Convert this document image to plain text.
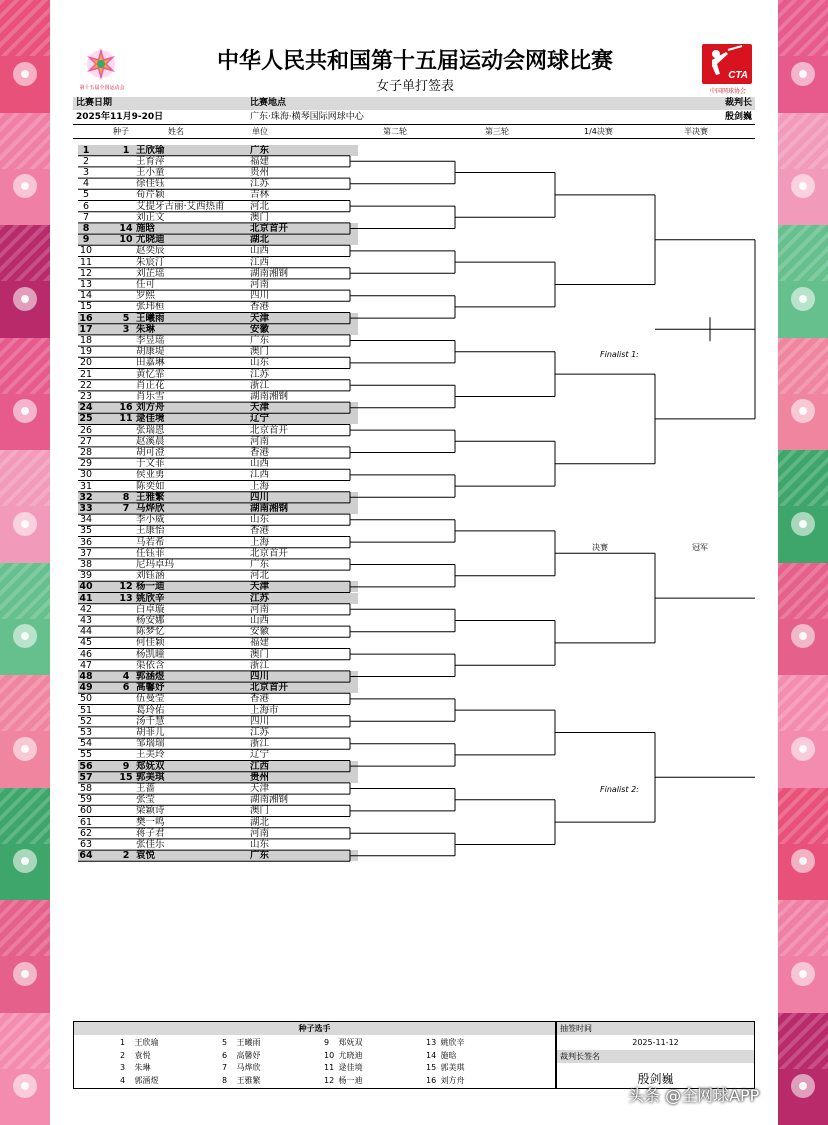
第十五届全国运动会
CTA
中国网球协会
中华人民共和国第十五届运动会网球比赛
女子单打签表
比赛日期	比赛地点	裁判长
2025年11月9-20日	广东·珠海·横琴国际网球中心	殷剑巍
种子	姓名	单位	第二轮	第三轮	1/4决赛	半决赛
1	1 王欣瑜	广东
2	王育萍	福建
3	王小童	贵州
4	徐佳钰	江苏
5	荀芹颖	吉林
6	艾提牙古丽·艾西热甫	河北
7	刘正文	澳门
8	14 施晗	北京首开
9	10 尤晓迪	湖北
10	赵奕辰	山西
11	朱宸汀	江西
12	刘芷瑶	湖南湘钢
13	任可	河南
14	罗熙	四川
15	张玮桓	香港
16	5 王曦雨	天津
17	3 朱琳	安徽
18	李昱瑶	广东
19	胡康堤	澳门
20	田嘉琳	山东
21	黄忆霏	江苏
22	肖正花	浙江
23	肖乐雪	湖南湘钢
24	16 刘方舟	天津
25	11 逯佳境	辽宁
26	张瑞恩	北京首开
27	赵溪晨	河南
28	胡可澄	香港
29	于文菲	山西
30	侯亚勇	江西
31	陈奕如	上海
32	8 王雅繁	四川
33	7 马烨欣	湖南湘钢
34	李小威	山东
35	王康怡	香港
36	马若希	上海
37	任钰菲	北京首开
38	尼玛卓玛	广东
39	刘钰涵	河北
40	12 杨一迪	天津
41	13 姚欣辛	江苏
42	白卓璇	河南
43	杨安娜	山西
44	陈梦忆	安徽
45	何佳颖	福建
46	杨凯曈	澳门
47	渠依含	浙江
48	4 郭涵煜	四川
49	6 高馨妤	北京首开
50	伍曼莹	香港
51	葛玲佑	上海市
52	汤千慧	四川
53	胡菲儿	江苏
54	邹瑞瑞	浙江
55	王美玲	辽宁
56	9 郑妩双	江西
57	15 郭美琪	贵州
58	王蔷	天津
59	张莹	湖南湘钢
60	梁颖诗	澳门
61	樊一鸣	湖北
62	蒋子君	河南
63	张佳乐	山东
64	2 袁悦	广东
Finalist 1:
Finalist 2:
决赛	冠军
种子选手
1 王欣瑜
2 袁悦
3 朱琳
4 郭涵煜
5 王曦雨
6 高馨妤
7 马烨欣
8 王雅繁
9 郑妩双
10 尤晓迪
11 逯佳境
12 杨一迪
13 姚欣辛
14 施晗
15 郭美琪
16 刘方舟
抽签时间
2025-11-12
裁判长签名
殷剑巍
头条 @全网球APP
